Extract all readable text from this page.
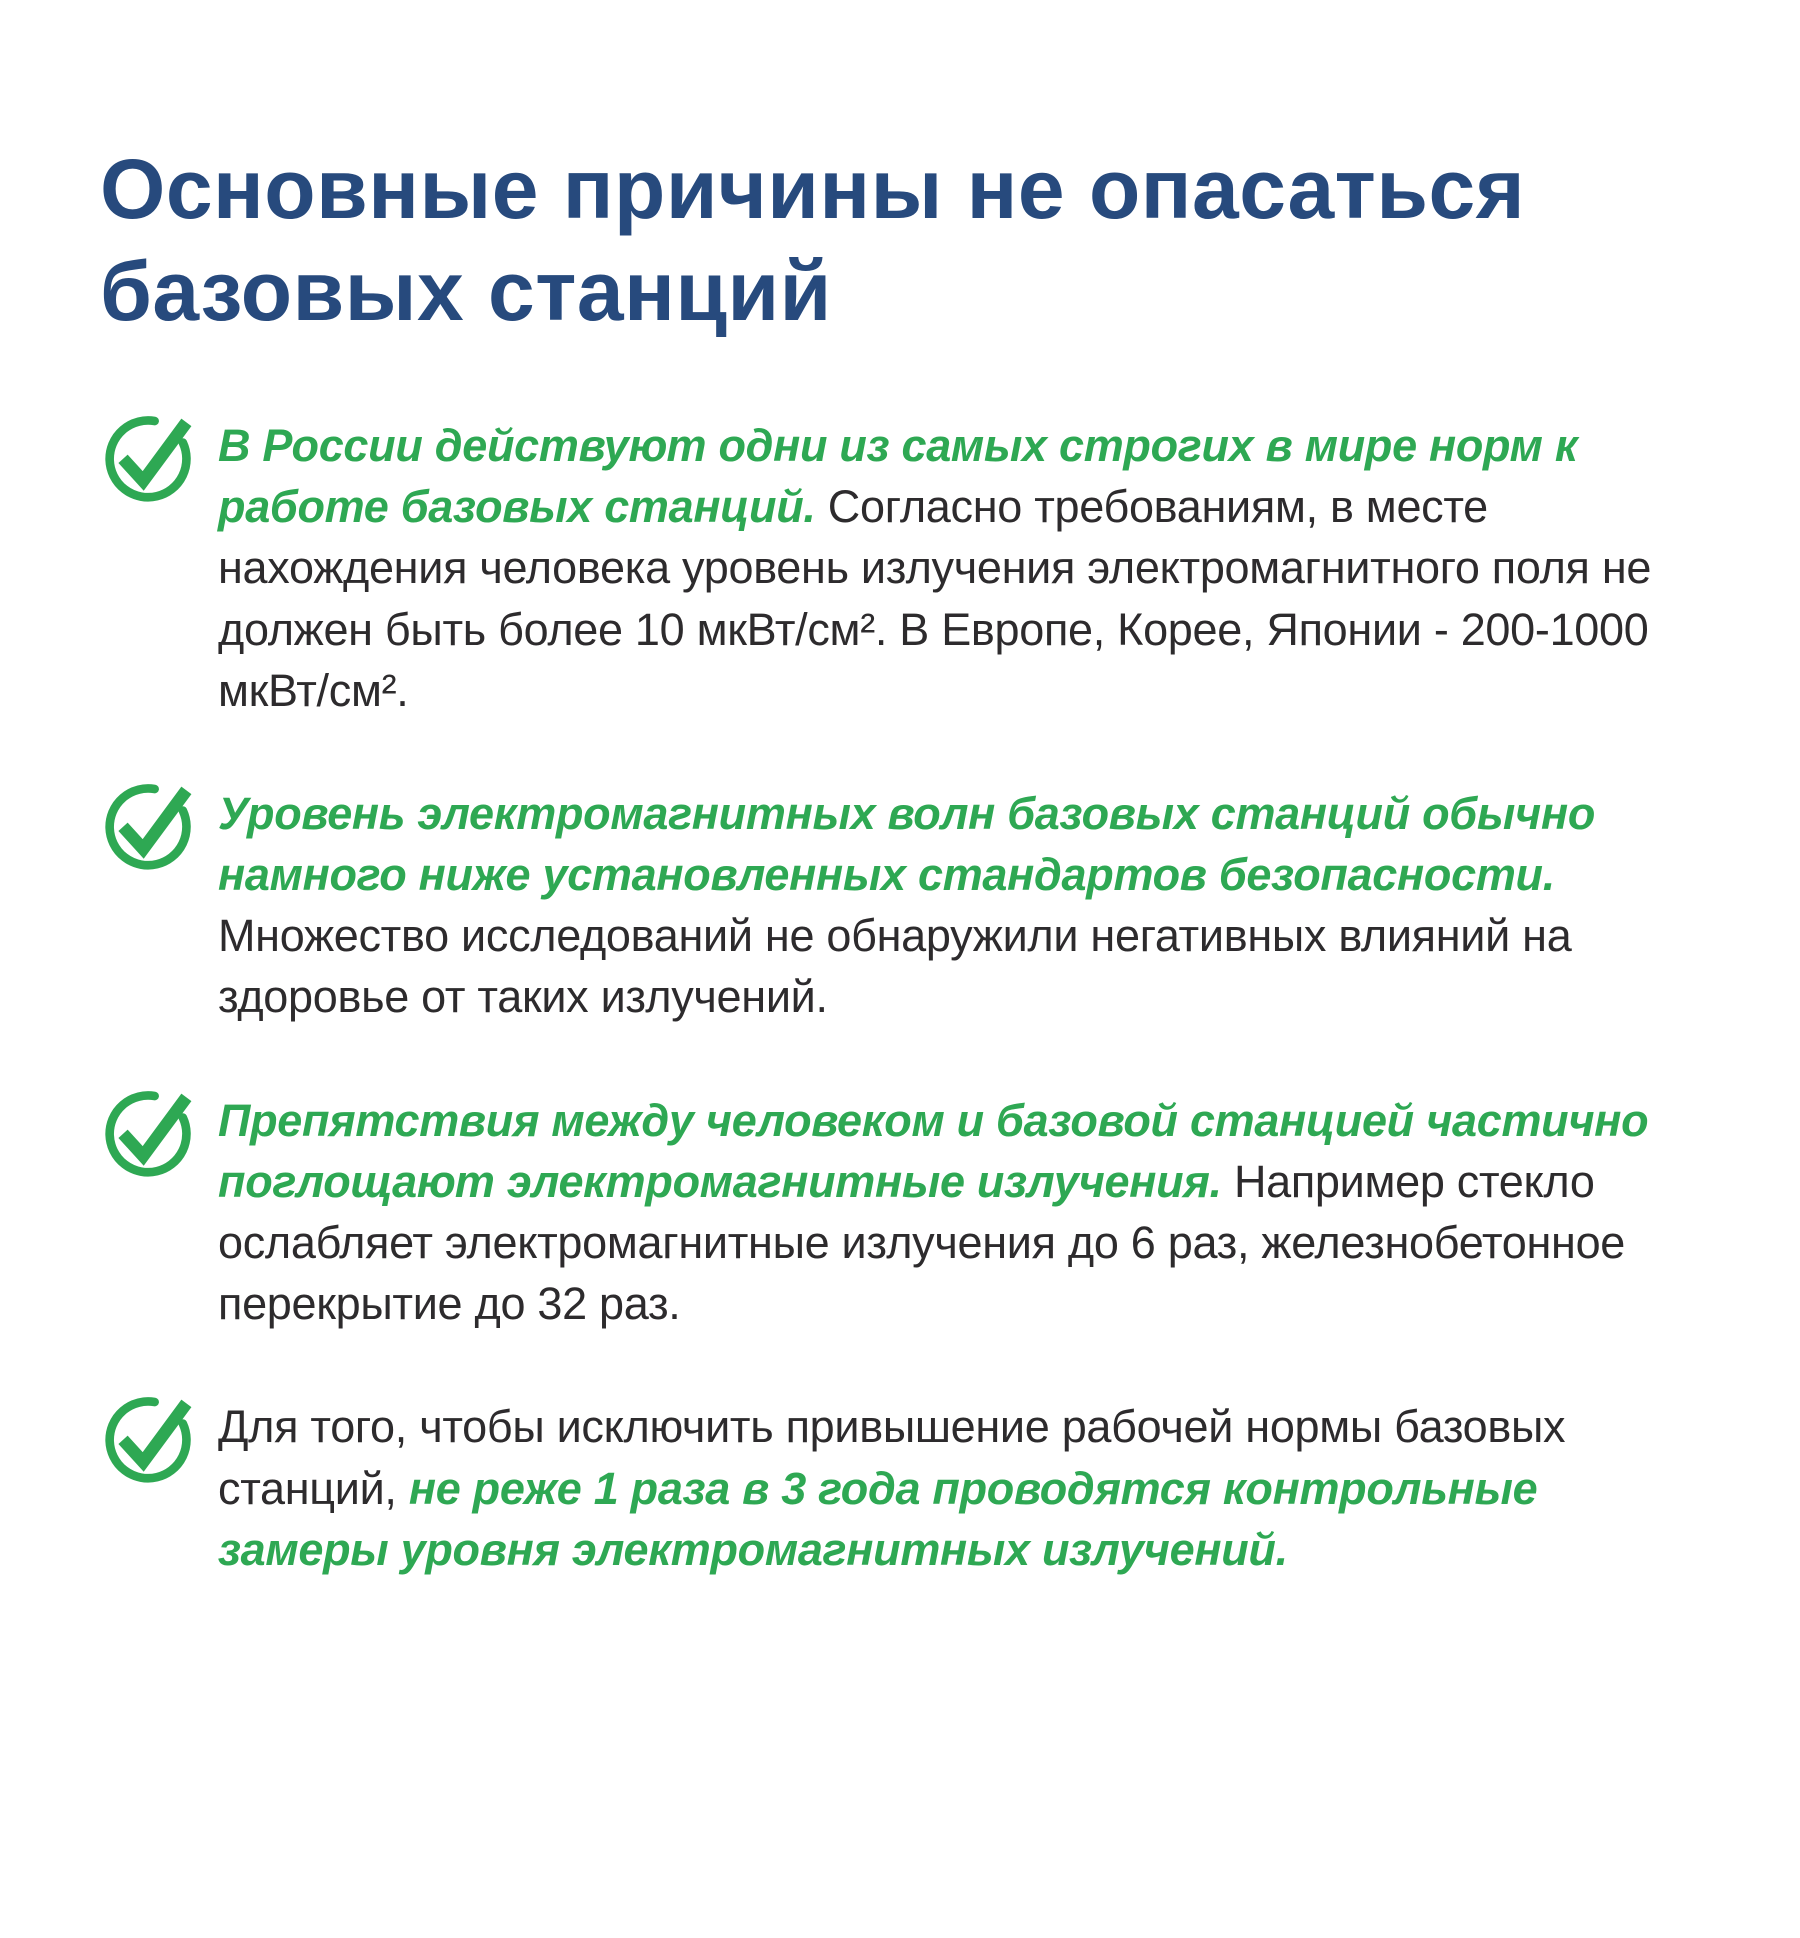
Основные причины не опасаться
базовых станций
В России действуют одни из самых строгих в мире норм к работе базовых станций. Согласно требованиям, в месте нахождения человека уровень излучения электромагнитного поля не должен быть более 10 мкВт/см². В Европе, Корее, Японии - 200-1000 мкВт/см².
Уровень электромагнитных волн базовых станций обычно намного ниже установленных стандартов безопасности. Множество исследований не обнаружили негативных влияний на здоровье от таких излучений.
Препятствия между человеком и базовой станцией частично поглощают электромагнитные излучения. Например стекло ослабляет электромагнитные излучения до 6 раз, железнобетонное перекрытие до 32 раз.
Для того, чтобы исключить привышение рабочей нормы базовых станций, не реже 1 раза в 3 года проводятся контрольные замеры уровня электромагнитных излучений.
